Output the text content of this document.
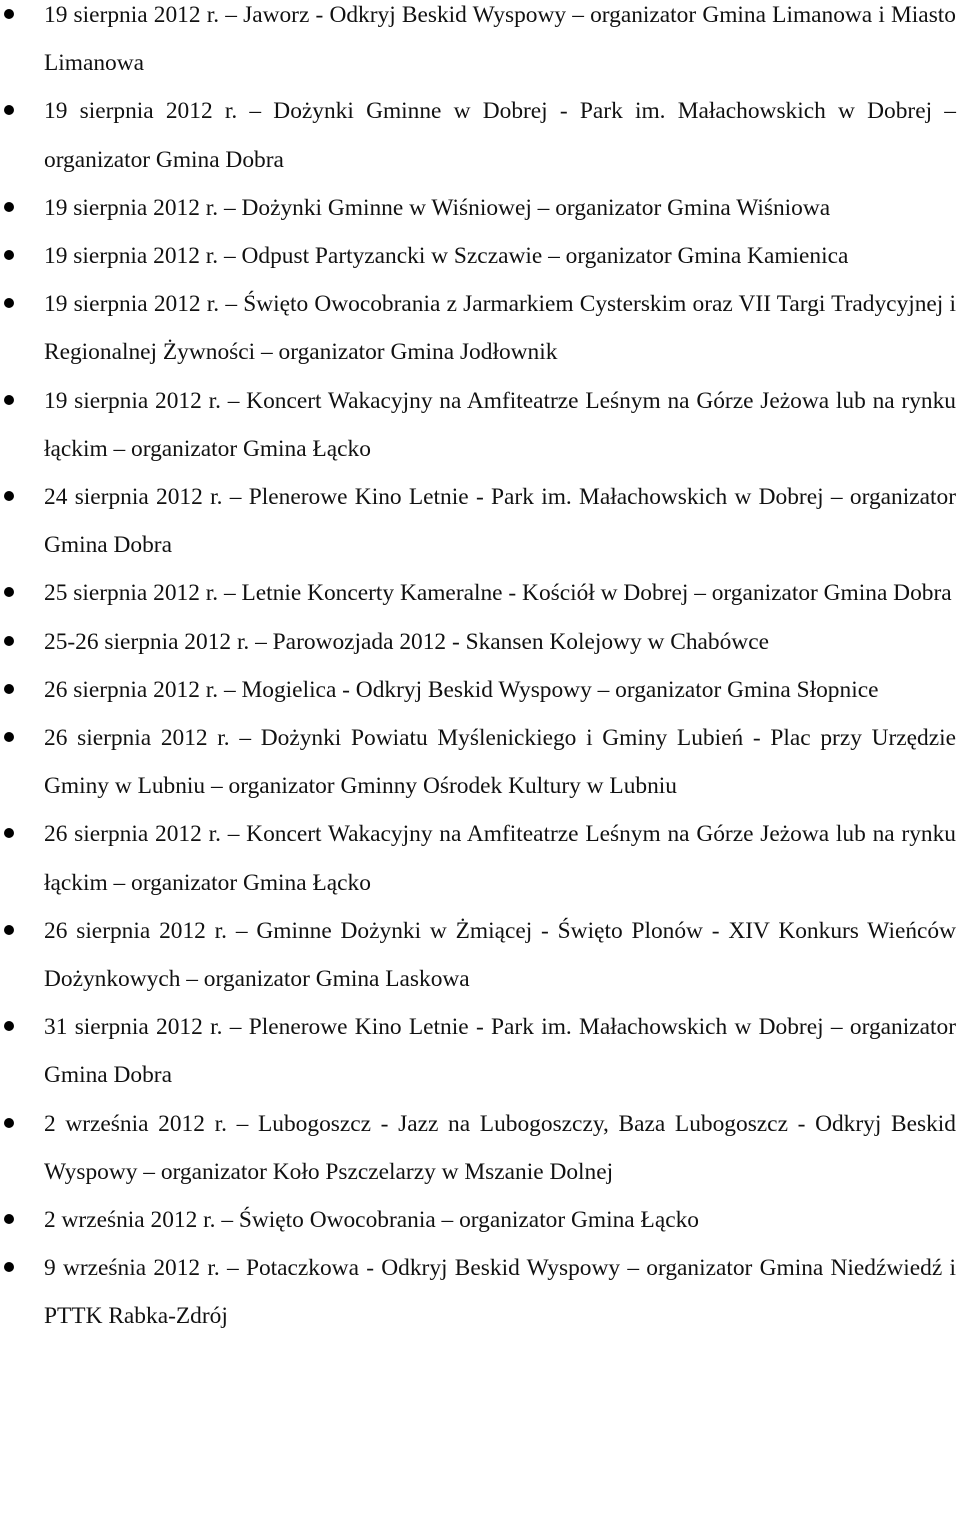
19 sierpnia 2012 r. – Jaworz - Odkryj Beskid Wyspowy – organizator Gmina Limanowa i Miasto Limanowa
19 sierpnia 2012 r. – Dożynki Gminne w Dobrej - Park im. Małachowskich w Dobrej – organizator Gmina Dobra
19 sierpnia 2012 r. – Dożynki Gminne w Wiśniowej – organizator Gmina Wiśniowa
19 sierpnia 2012 r. – Odpust Partyzancki w Szczawie – organizator Gmina Kamienica
19 sierpnia 2012 r. – Święto Owocobrania z Jarmarkiem Cysterskim oraz VII Targi Tradycyjnej i Regionalnej Żywności – organizator Gmina Jodłownik
19 sierpnia 2012 r. – Koncert Wakacyjny na Amfiteatrze Leśnym na Górze Jeżowa lub na rynku łąckim – organizator Gmina Łącko
24 sierpnia 2012 r. – Plenerowe Kino Letnie - Park im. Małachowskich w Dobrej – organizator Gmina Dobra
25 sierpnia 2012 r. – Letnie Koncerty Kameralne - Kościół w Dobrej – organizator Gmina Dobra
25-26 sierpnia 2012 r. – Parowozjada 2012 - Skansen Kolejowy w Chabówce
26 sierpnia 2012 r. – Mogielica - Odkryj Beskid Wyspowy – organizator Gmina Słopnice
26 sierpnia 2012 r. – Dożynki Powiatu Myślenickiego i Gminy Lubień - Plac przy Urzędzie Gminy w Lubniu – organizator Gminny Ośrodek Kultury w Lubniu
26 sierpnia 2012 r. – Koncert Wakacyjny na Amfiteatrze Leśnym na Górze Jeżowa lub na rynku łąckim – organizator Gmina Łącko
26 sierpnia 2012 r. – Gminne Dożynki w Żmiącej - Święto Plonów - XIV Konkurs Wieńców Dożynkowych – organizator Gmina Laskowa
31 sierpnia 2012 r. – Plenerowe Kino Letnie - Park im. Małachowskich w Dobrej – organizator Gmina Dobra
2 września 2012 r. – Lubogoszcz - Jazz na Lubogoszczy, Baza Lubogoszcz - Odkryj Beskid Wyspowy – organizator Koło Pszczelarzy w Mszanie Dolnej
2 września 2012 r. – Święto Owocobrania – organizator Gmina Łącko
9 września 2012 r. – Potaczkowa - Odkryj Beskid Wyspowy – organizator Gmina Niedźwiedź i PTTK Rabka-Zdrój
